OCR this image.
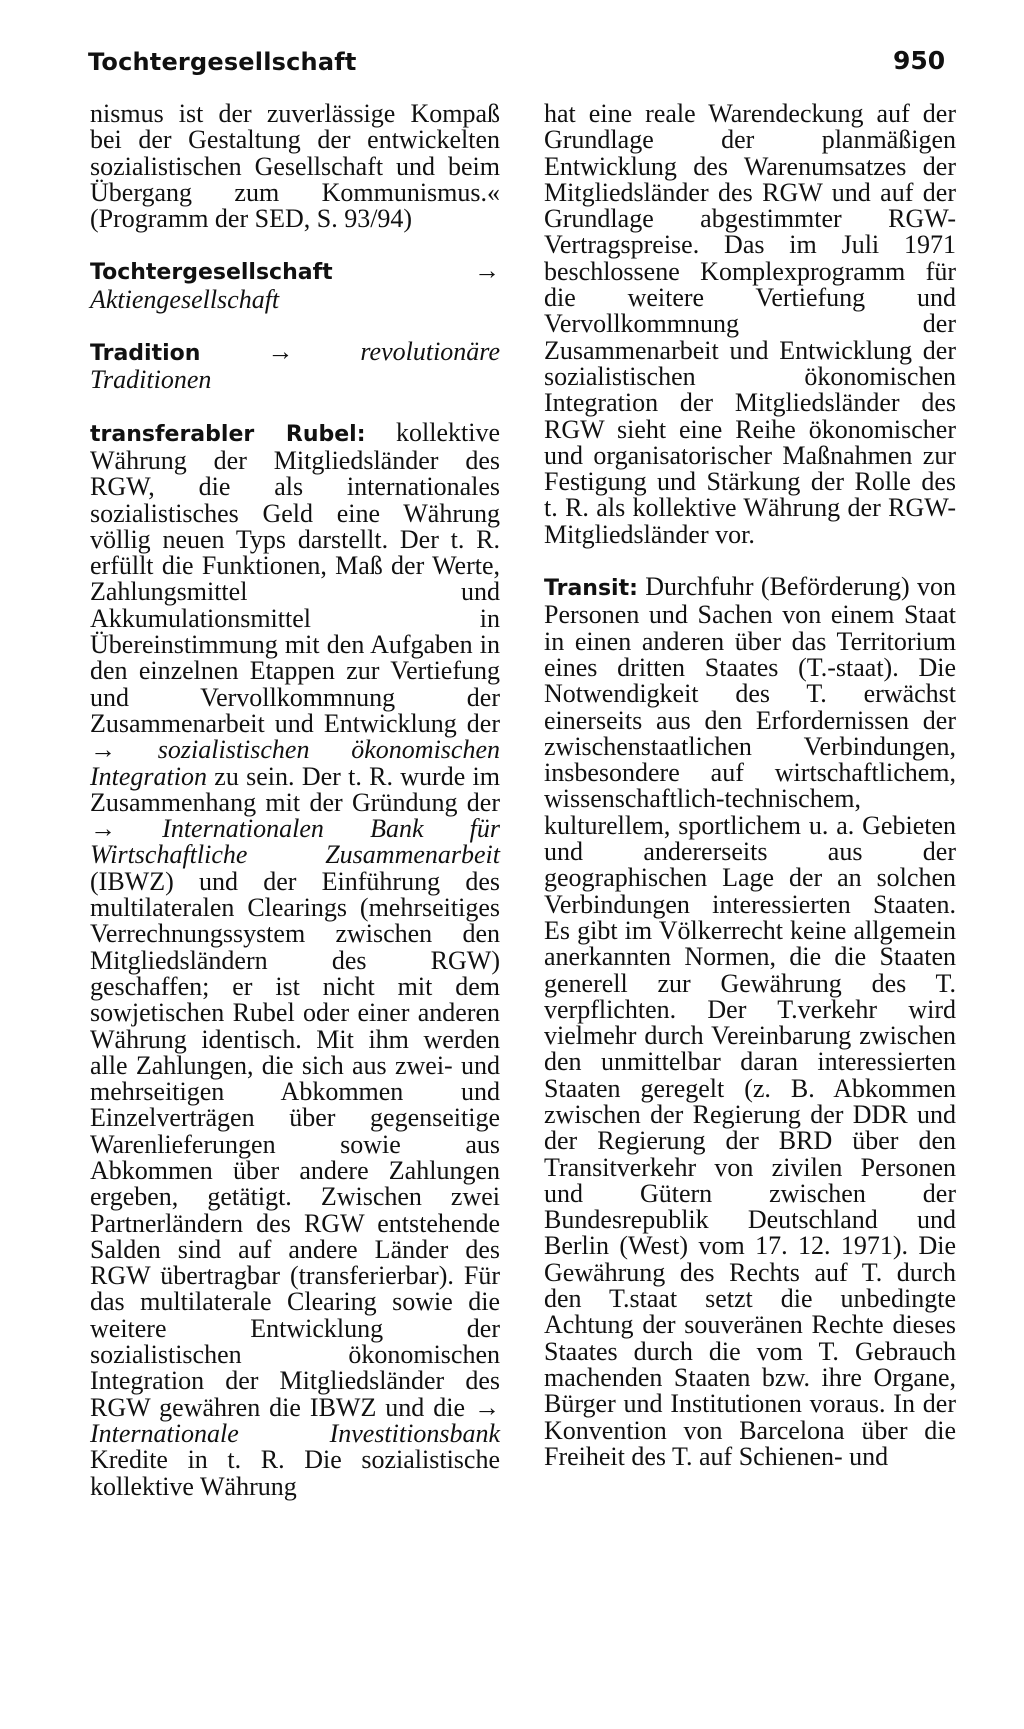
Tochtergesellschaft	950

nismus ist der zuverlässige Kompaß bei der Gestaltung der entwickelten sozialistischen Gesellschaft und beim Übergang zum Kommunismus.« (Programm der SED, S. 93/94)

Tochtergesellschaft → Aktiengesellschaft

Tradition → revolutionäre Traditionen

transferabler Rubel: kollektive Währung der Mitgliedsländer des RGW, die als internationales sozialistisches Geld eine Währung völlig neuen Typs darstellt. Der t. R. erfüllt die Funktionen, Maß der Werte, Zahlungsmittel und Akkumulationsmittel in Übereinstimmung mit den Aufgaben in den einzelnen Etappen zur Vertiefung und Vervollkommnung der Zusammenarbeit und Entwicklung der → sozialistischen ökonomischen Integration zu sein. Der t. R. wurde im Zusammenhang mit der Gründung der → Internationalen Bank für Wirtschaftliche Zusammenarbeit (IBWZ) und der Einführung des multilateralen Clearings (mehrseitiges Verrechnungssystem zwischen den Mitgliedsländern des RGW) geschaffen; er ist nicht mit dem sowjetischen Rubel oder einer anderen Währung identisch. Mit ihm werden alle Zahlungen, die sich aus zwei- und mehrseitigen Abkommen und Einzelverträgen über gegenseitige Warenlieferungen sowie aus Abkommen über andere Zahlungen ergeben, getätigt. Zwischen zwei Partnerländern des RGW entstehende Salden sind auf andere Länder des RGW übertragbar (transferierbar). Für das multilaterale Clearing sowie die weitere Entwicklung der sozialistischen ökonomischen Integration der Mitgliedsländer des RGW gewähren die IBWZ und die → Internationale Investitionsbank Kredite in t. R. Die sozialistische kollektive Währung

hat eine reale Warendeckung auf der Grundlage der planmäßigen Entwicklung des Warenumsatzes der Mitgliedsländer des RGW und auf der Grundlage abgestimmter RGW-Vertragspreise. Das im Juli 1971 beschlossene Komplexprogramm für die weitere Vertiefung und Vervollkommnung der Zusammenarbeit und Entwicklung der sozialistischen ökonomischen Integration der Mitgliedsländer des RGW sieht eine Reihe ökonomischer und organisatorischer Maßnahmen zur Festigung und Stärkung der Rolle des t. R. als kollektive Währung der RGW-Mitgliedsländer vor.

Transit: Durchfuhr (Beförderung) von Personen und Sachen von einem Staat in einen anderen über das Territorium eines dritten Staates (T.-staat). Die Notwendigkeit des T. erwächst einerseits aus den Erfordernissen der zwischenstaatlichen Verbindungen, insbesondere auf wirtschaftlichem, wissenschaftlich-technischem, kulturellem, sportlichem u. a. Gebieten und andererseits aus der geographischen Lage der an solchen Verbindungen interessierten Staaten. Es gibt im Völkerrecht keine allgemein anerkannten Normen, die die Staaten generell zur Gewährung des T. verpflichten. Der T.verkehr wird vielmehr durch Vereinbarung zwischen den unmittelbar daran interessierten Staaten geregelt (z. B. Abkommen zwischen der Regierung der DDR und der Regierung der BRD über den Transitverkehr von zivilen Personen und Gütern zwischen der Bundesrepublik Deutschland und Berlin (West) vom 17. 12. 1971). Die Gewährung des Rechts auf T. durch den T.staat setzt die unbedingte Achtung der souveränen Rechte dieses Staates durch die vom T. Gebrauch machenden Staaten bzw. ihre Organe, Bürger und Institutionen voraus. In der Konvention von Barcelona über die Freiheit des T. auf Schienen- und
